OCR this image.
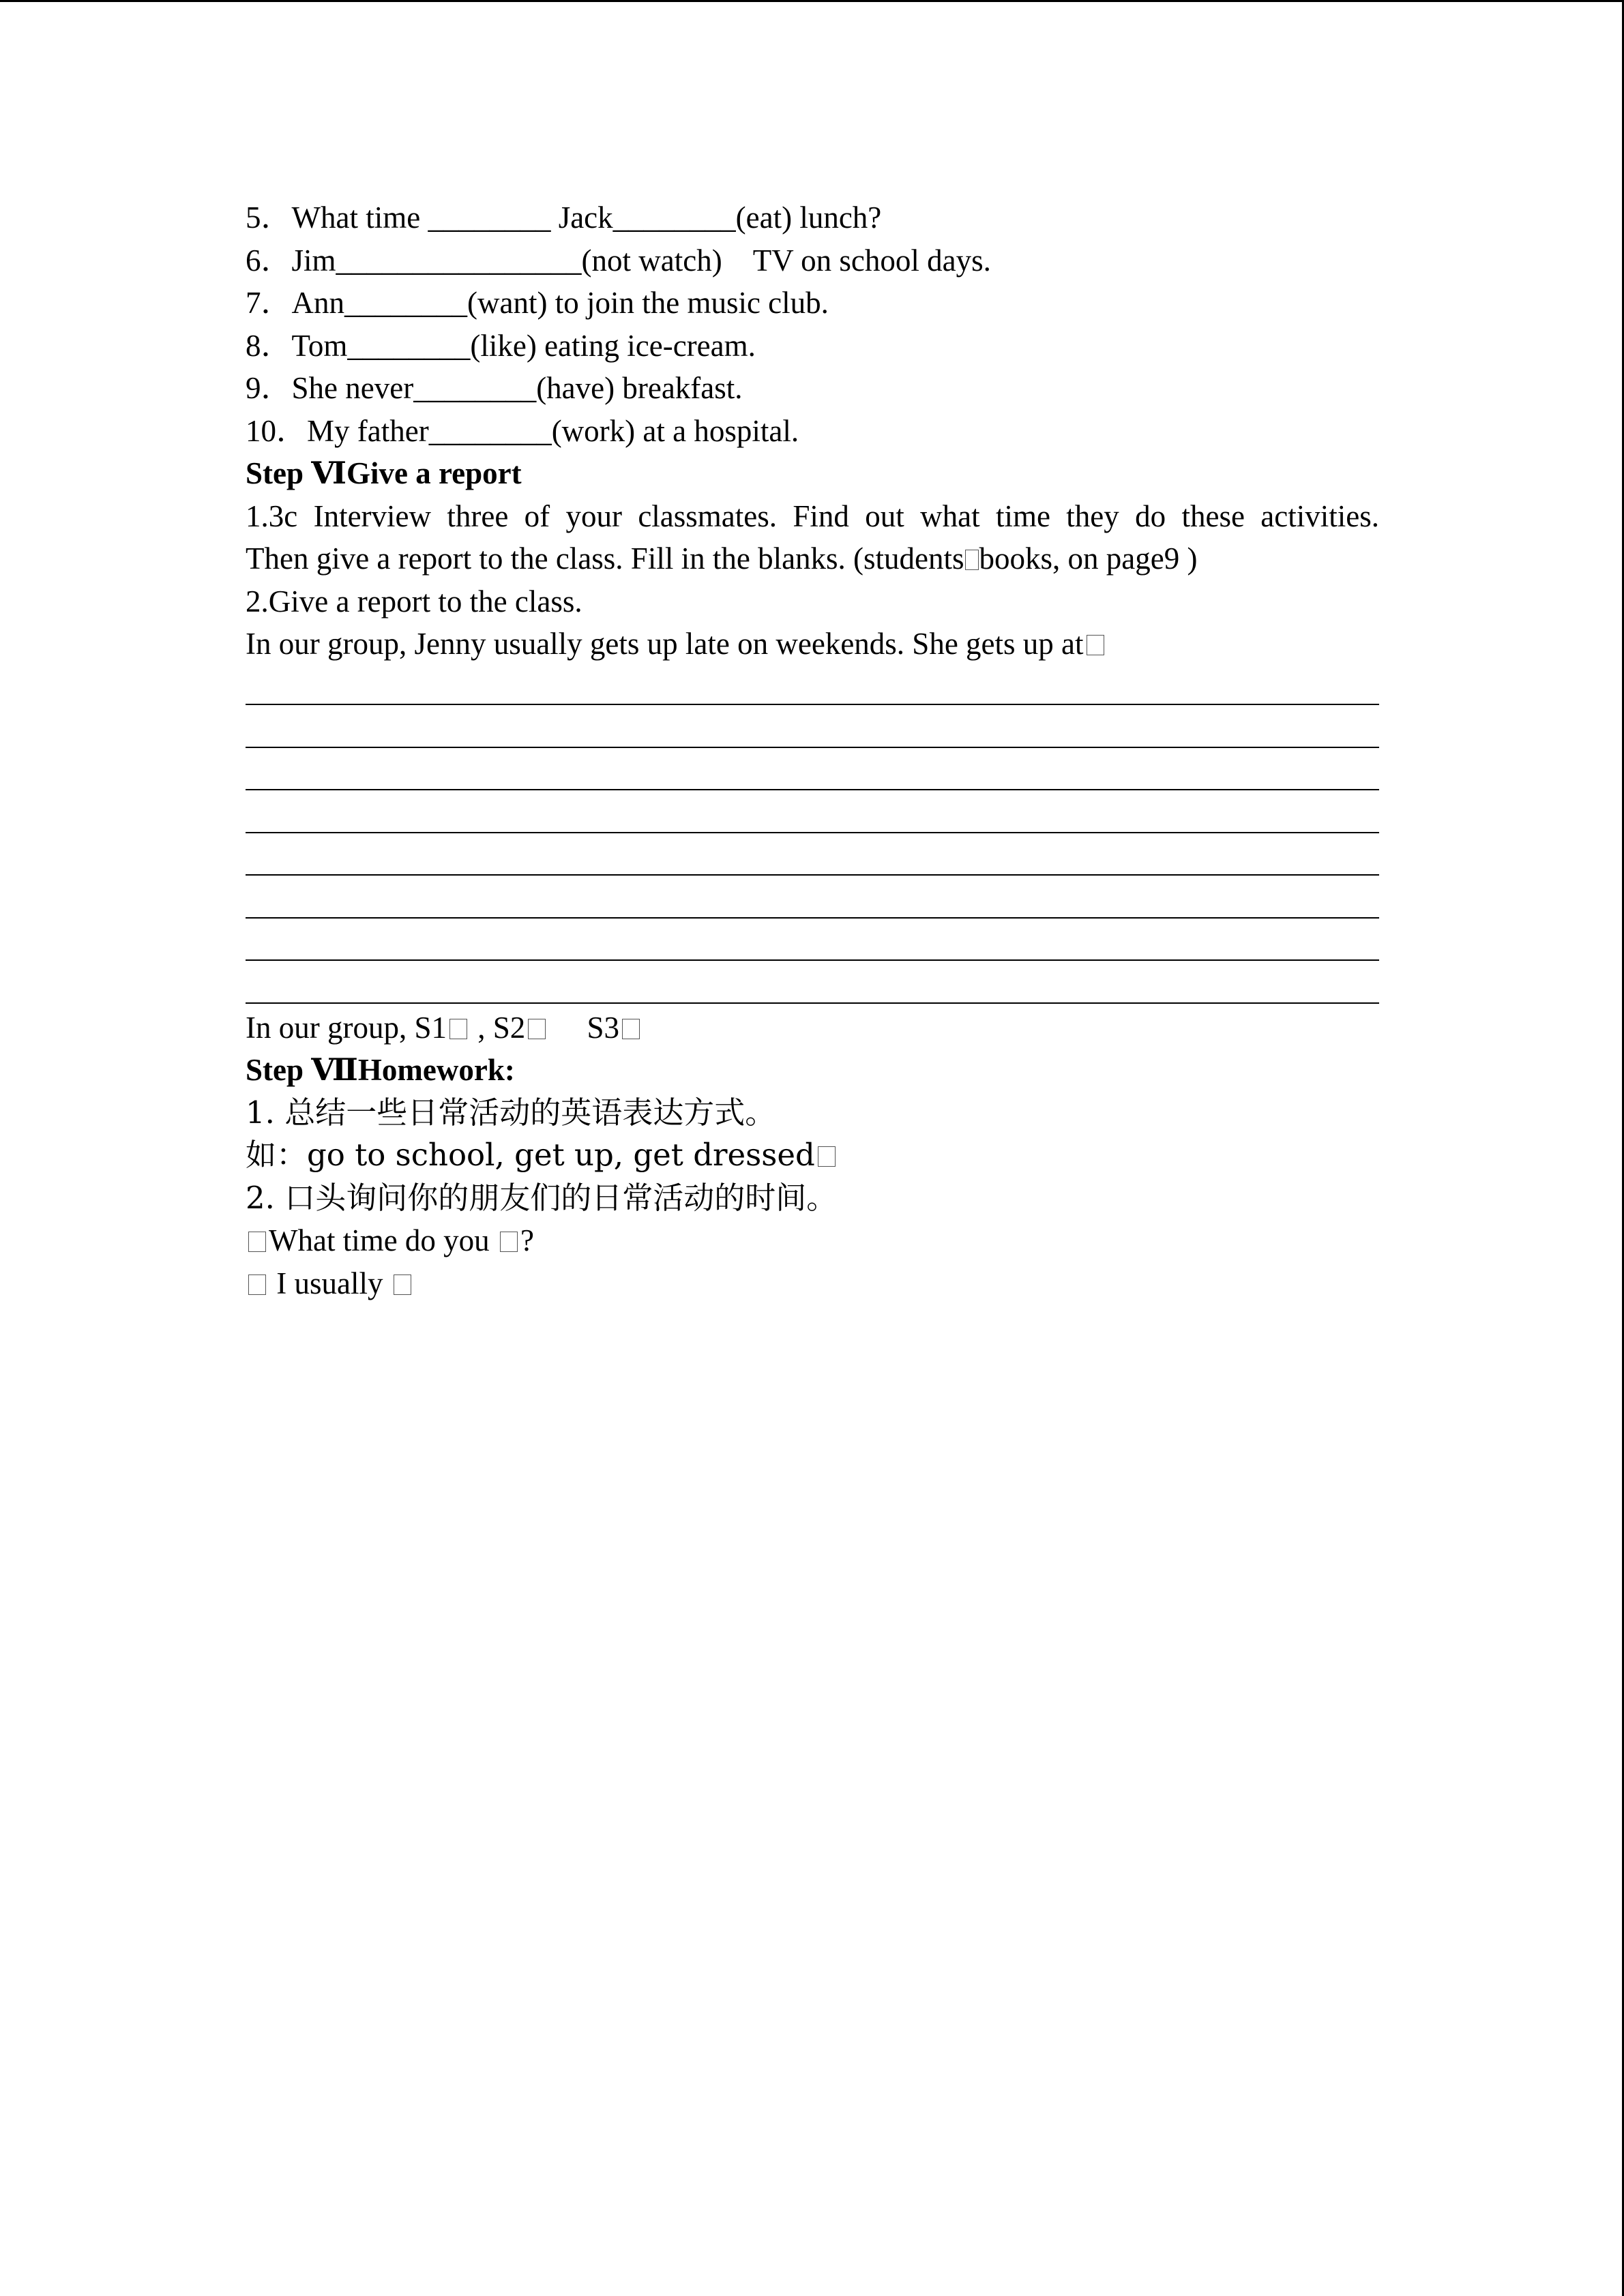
5．What time ________ Jack________(eat) lunch?
6．Jim________________(not watch)　TV on school days.
7．Ann________(want) to join the music club.
8．Tom________(like) eating ice-cream.
9．She never________(have) breakfast.
10．My father________(work) at a hospital.
Step ⅥGive a report
1.3c Interview three of your classmates. Find out what time they do these activities.
Then give a report to the class. Fill in the blanks. (students books, on page9 )
2.Give a report to the class.
In our group, Jenny usually gets up late on weekends. She gets up at
In our group, S1 , S2　 S3
Step ⅦHomework:
1. 总结一些日常活动的英语表达方式。
如：go to school, get up, get dressed
2. 口头询问你的朋友们的日常活动的时间。
What time do you ?
I usually
